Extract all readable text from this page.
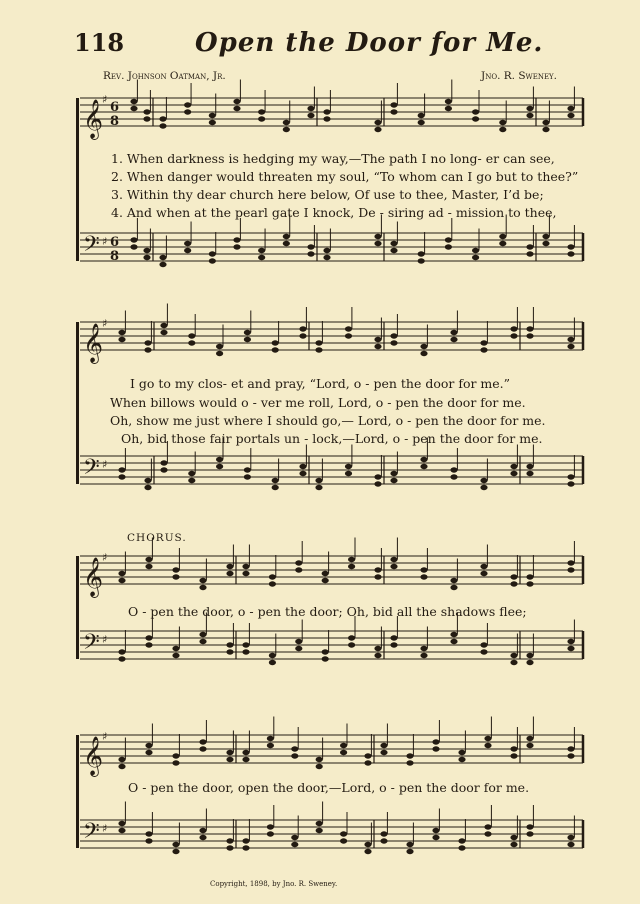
118	Open the Door for Me.
Rev. Johnson Oatman, Jr.	Jno. R. Sweney.
𝄞
♯
6
8
𝄢 ♯ 6
8
𝄞
♯
𝄢 ♯
𝄞
♯
𝄢 ♯
𝄞
♯
𝄢 ♯
1. When darkness is hedging my way,—The path I no long- er can see,
2. When danger would threaten my soul, “To whom can I go but to thee?”
3. Within thy dear church here below, Of use to thee, Master, I’d be;
4. And when at the pearl gate I knock, De - siring ad - mission to thee,
I go to my clos- et and pray, “Lord, o - pen the door for me.”
When billows would o - ver me roll, Lord, o - pen the door for me.
Oh, show me just where I should go,— Lord, o - pen the door for me.
Oh, bid those fair portals un - lock,—Lord, o - pen the door for me.
CHORUS.
O - pen the door, o - pen the door; Oh, bid all the shadows flee;
O - pen the door, open the door,—Lord, o - pen the door for me.
Copyright, 1898, by Jno. R. Sweney.
